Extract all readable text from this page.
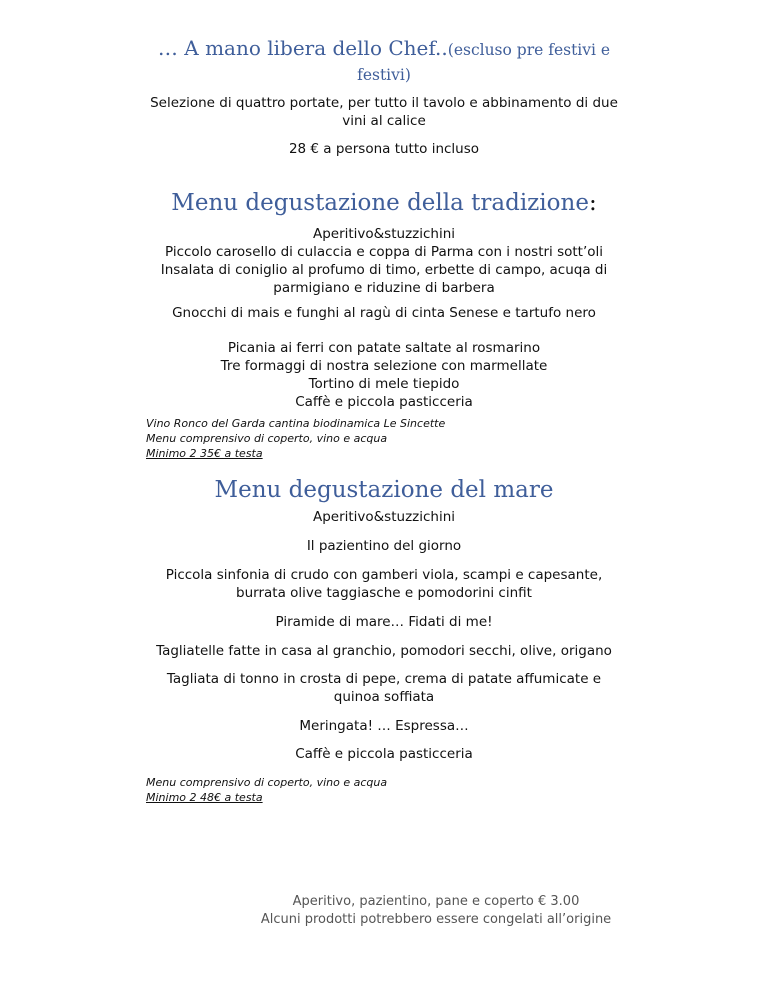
… A mano libera dello Chef..(escluso pre festivi e
festivi)
Selezione di quattro portate, per tutto il tavolo e abbinamento di due
vini al calice
28 € a persona tutto incluso
Menu degustazione della tradizione:
Aperitivo&stuzzichini
Piccolo carosello di culaccia e coppa di Parma con i nostri sott’oli
Insalata di coniglio al profumo di timo, erbette di campo, acuqa di
parmigiano e riduzine di barbera
Gnocchi di mais e funghi al ragù di cinta Senese e tartufo nero
Picania ai ferri con patate saltate al rosmarino
Tre formaggi di nostra selezione con marmellate
Tortino di mele tiepido
Caffè e piccola pasticceria
Vino Ronco del Garda cantina biodinamica Le Sincette
Menu comprensivo di coperto, vino e acqua
Minimo 2 35€ a testa
Menu degustazione del mare
Aperitivo&stuzzichini
Il pazientino del giorno
Piccola sinfonia di crudo con gamberi viola, scampi e capesante,
burrata olive taggiasche e pomodorini cinfit
Piramide di mare… Fidati di me!
Tagliatelle fatte in casa al granchio, pomodori secchi, olive, origano
Tagliata di tonno in crosta di pepe, crema di patate affumicate e
quinoa soffiata
Meringata! … Espressa…
Caffè e piccola pasticceria
Menu comprensivo di coperto, vino e acqua
Minimo 2 48€ a testa
Aperitivo, pazientino, pane e coperto € 3.00
Alcuni prodotti potrebbero essere congelati all’origine
